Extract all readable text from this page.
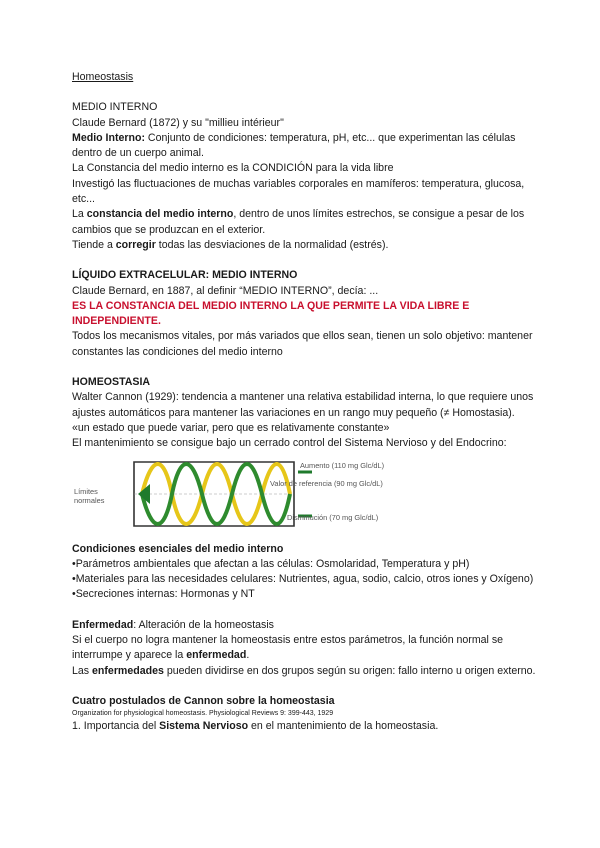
Homeostasis

MEDIO INTERNO

Claude Bernard (1872) y su "millieu intérieur"

Medio Interno: Conjunto de condiciones: temperatura, pH, etc... que experimentan las células dentro de un cuerpo animal.

La Constancia del medio interno es la CONDICIÓN para la vida libre

Investigó las fluctuaciones de muchas variables corporales en mamíferos: temperatura, glucosa, etc...

La constancia del medio interno, dentro de unos límites estrechos, se consigue a pesar de los cambios que se produzcan en el exterior.

Tiende a corregir todas las desviaciones de la normalidad (estrés).

LÍQUIDO EXTRACELULAR: MEDIO INTERNO

Claude Bernard, en 1887, al definir “MEDIO INTERNO”, decía: ...

ES LA CONSTANCIA DEL MEDIO INTERNO LA QUE PERMITE LA VIDA LIBRE E INDEPENDIENTE.

Todos los mecanismos vitales, por más variados que ellos sean, tienen un solo objetivo: mantener constantes las condiciones del medio interno

HOMEOSTASIA

Walter Cannon (1929): tendencia a mantener una relativa estabilidad interna, lo que requiere unos ajustes automáticos para mantener las variaciones en un rango muy pequeño (≠ Homostasia).

«un estado que puede variar, pero que es relativamente constante»

El mantenimiento se consigue bajo un cerrado control del Sistema Nervioso y del Endocrino:

Límites normales
Aumento (110 mg Glc/dL)
Valor de referencia (90 mg Glc/dL)
Disminución (70 mg Glc/dL)

Condiciones esenciales del medio interno

•Parámetros ambientales que afectan a las células: Osmolaridad, Temperatura y pH)

•Materiales para las necesidades celulares: Nutrientes, agua, sodio, calcio, otros iones y Oxígeno)

•Secreciones internas: Hormonas y NT

Enfermedad: Alteración de la homeostasis

Si el cuerpo no logra mantener la homeostasis entre estos parámetros, la función normal se interrumpe y aparece la enfermedad.

Las enfermedades pueden dividirse en dos grupos según su origen: fallo interno u origen externo.

Cuatro postulados de Cannon sobre la homeostasia

Organization for physiological homeostasis. Physiological Reviews 9: 399-443, 1929

1. Importancia del Sistema Nervioso en el mantenimiento de la homeostasia.
